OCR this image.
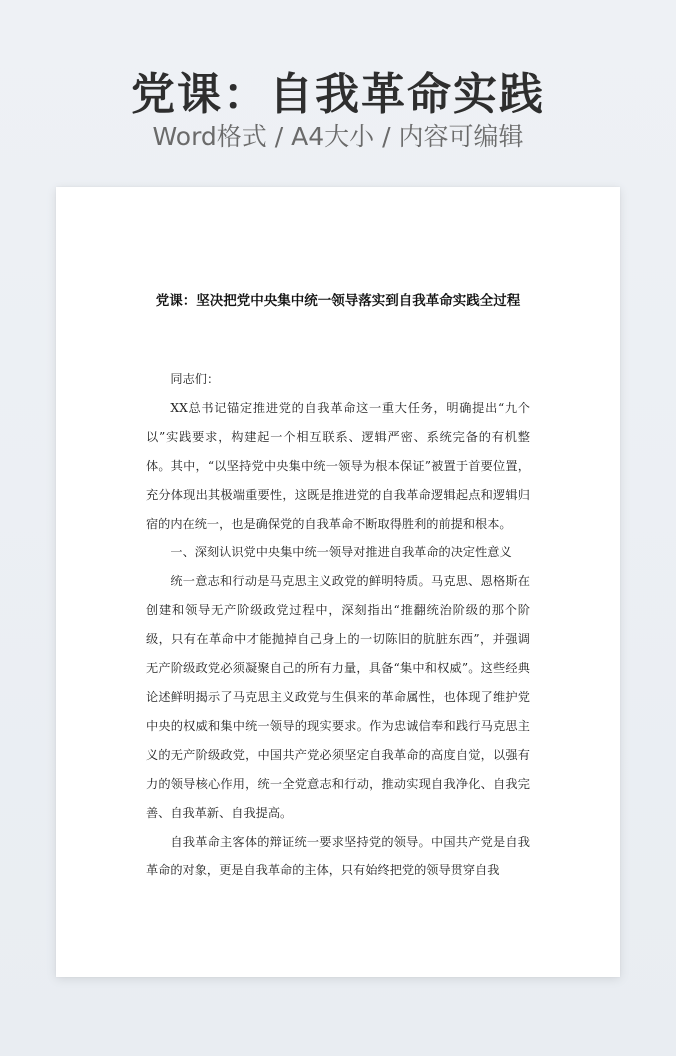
党课：自我革命实践
Word格式 / A4大小 / 内容可编辑
党课：坚决把党中央集中统一领导落实到自我革命实践全过程

同志们：

XX总书记锚定推进党的自我革命这一重大任务，明确提出“九个以”实践要求，构建起一个相互联系、逻辑严密、系统完备的有机整体。其中，“以坚持党中央集中统一领导为根本保证”被置于首要位置，充分体现出其极端重要性，这既是推进党的自我革命逻辑起点和逻辑归宿的内在统一，也是确保党的自我革命不断取得胜利的前提和根本。

一、深刻认识党中央集中统一领导对推进自我革命的决定性意义

统一意志和行动是马克思主义政党的鲜明特质。马克思、恩格斯在创建和领导无产阶级政党过程中，深刻指出“推翻统治阶级的那个阶级，只有在革命中才能抛掉自己身上的一切陈旧的肮脏东西”，并强调无产阶级政党必须凝聚自己的所有力量，具备“集中和权威”。这些经典论述鲜明揭示了马克思主义政党与生俱来的革命属性，也体现了维护党中央的权威和集中统一领导的现实要求。作为忠诚信奉和践行马克思主义的无产阶级政党，中国共产党必须坚定自我革命的高度自觉，以强有力的领导核心作用，统一全党意志和行动，推动实现自我净化、自我完善、自我革新、自我提高。

自我革命主客体的辩证统一要求坚持党的领导。中国共产党是自我革命的对象，更是自我革命的主体，只有始终把党的领导贯穿自我
